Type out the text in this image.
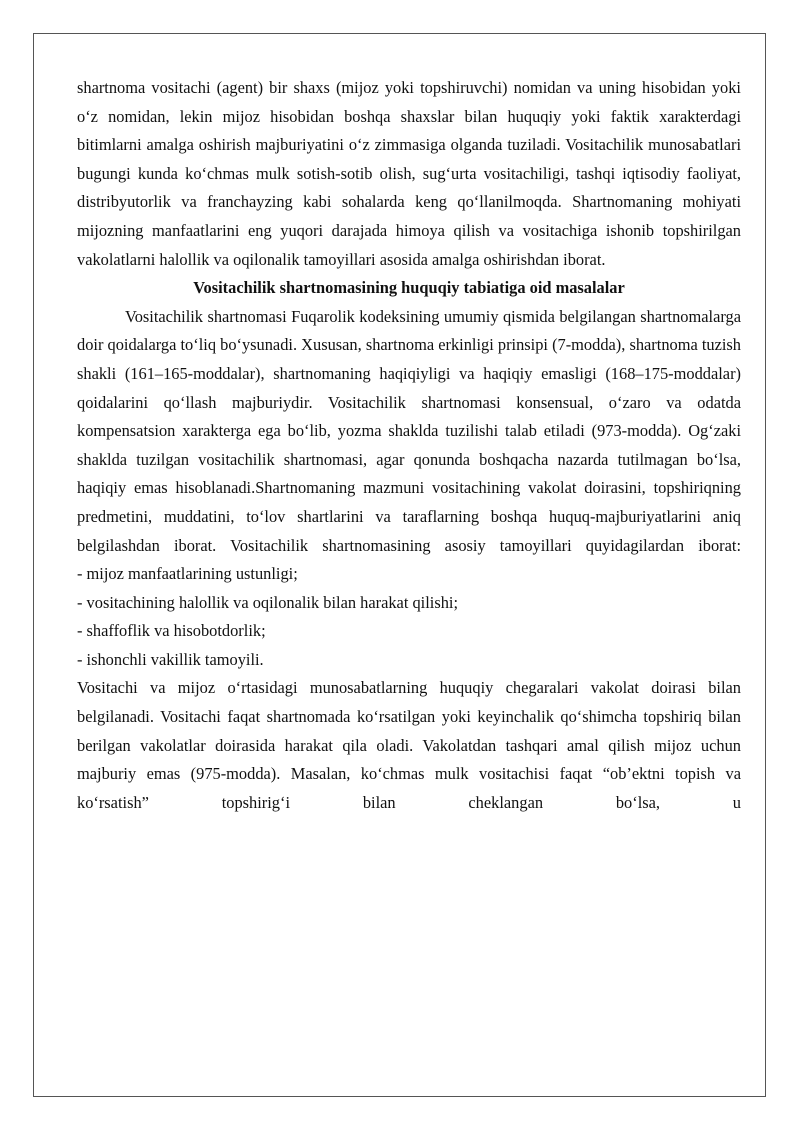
shartnoma vositachi (agent) bir shaxs (mijoz yoki topshiruvchi) nomidan va uning hisobidan yoki o‘z nomidan, lekin mijoz hisobidan boshqa shaxslar bilan huquqiy yoki faktik xarakterdagi bitimlarni amalga oshirish majburiyatini o‘z zimmasiga olganda tuziladi. Vositachilik munosabatlari bugungi kunda ko‘chmas mulk sotish-sotib olish, sug‘urta vositachiligi, tashqi iqtisodiy faoliyat, distribyutorlik va franchayzing kabi sohalarda keng qo‘llanilmoqda. Shartnomaning mohiyati mijozning manfaatlarini eng yuqori darajada himoya qilish va vositachiga ishonib topshirilgan vakolatlarni halollik va oqilonalik tamoyillari asosida amalga oshirishdan iborat.

Vositachilik shartnomasining huquqiy tabiatiga oid masalalar

Vositachilik shartnomasi Fuqarolik kodeksining umumiy qismida belgilangan shartnomalarga doir qoidalarga to‘liq bo‘ysunadi. Xususan, shartnoma erkinligi prinsipi (7-modda), shartnoma tuzish shakli (161–165-moddalar), shartnomaning haqiqiyligi va haqiqiy emasligi (168–175-moddalar) qoidalarini qo‘llash majburiydir. Vositachilik shartnomasi konsensual, o‘zaro va odatda kompensatsion xarakterga ega bo‘lib, yozma shaklda tuzilishi talab etiladi (973-modda). Og‘zaki shaklda tuzilgan vositachilik shartnomasi, agar qonunda boshqacha nazarda tutilmagan bo‘lsa, haqiqiy emas hisoblanadi.Shartnomaning mazmuni vositachining vakolat doirasini, topshiriqning predmetini, muddatini, to‘lov shartlarini va taraflarning boshqa huquq-majburiyatlarini aniq belgilashdan iborat. Vositachilik shartnomasining asosiy tamoyillari quyidagilardan iborat:

- mijoz manfaatlarining ustunligi;

- vositachining halollik va oqilonalik bilan harakat qilishi;

- shaffoflik va hisobotdorlik;

- ishonchli vakillik tamoyili.

Vositachi va mijoz o‘rtasidagi munosabatlarning huquqiy chegaralari vakolat doirasi bilan belgilanadi. Vositachi faqat shartnomada ko‘rsatilgan yoki keyinchalik qo‘shimcha topshiriq bilan berilgan vakolatlar doirasida harakat qila oladi. Vakolatdan tashqari amal qilish mijoz uchun majburiy emas (975-modda). Masalan, ko‘chmas mulk vositachisi faqat “ob’ektni topish va ko‘rsatish” topshirig‘i bilan cheklangan bo‘lsa, u
